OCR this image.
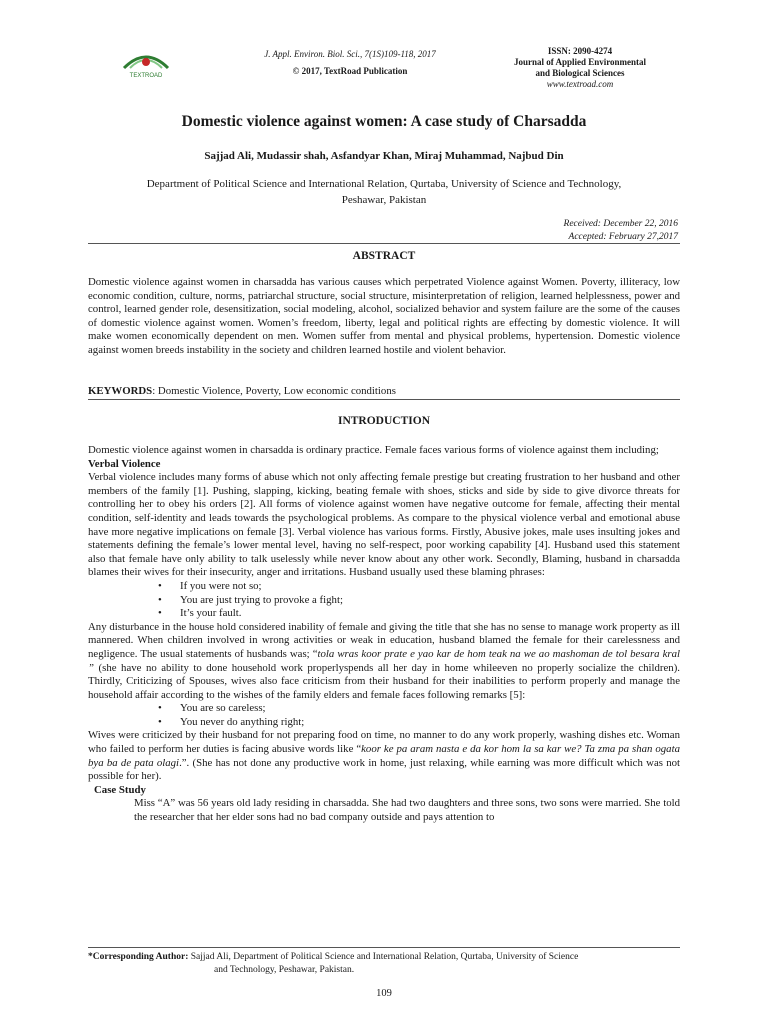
TEXTROAD
J. Appl. Environ. Biol. Sci., 7(1S)109-118, 2017
© 2017, TextRoad Publication
ISSN: 2090-4274
Journal of Applied Environmental
and Biological Sciences
www.textroad.com
Domestic violence against women: A case study of Charsadda
Sajjad Ali, Mudassir shah, Asfandyar Khan, Miraj Muhammad, Najbud Din
Department of Political Science and International Relation, Qurtaba, University of Science and Technology,
Peshawar, Pakistan
Received: December 22, 2016
Accepted: February 27,2017
ABSTRACT
Domestic violence against women in charsadda has various causes which perpetrated Violence against Women. Poverty, illiteracy, low economic condition, culture, norms, patriarchal structure, social structure, misinterpretation of religion, learned helplessness, power and control, learned gender role, desensitization, social modeling, alcohol, socialized behavior and system failure are the some of the causes of domestic violence against women. Women’s freedom, liberty, legal and political rights are effecting by domestic violence. It will make women economically dependent on men. Women suffer from mental and physical problems, hypertension. Domestic violence against women breeds instability in the society and children learned hostile and violent behavior.
KEYWORDS: Domestic Violence, Poverty, Low economic conditions
INTRODUCTION

Domestic violence against women in charsadda is ordinary practice. Female faces various forms of violence against them including;

Verbal Violence

Verbal violence includes many forms of abuse which not only affecting female prestige but creating frustration to her husband and other members of the family [1]. Pushing, slapping, kicking, beating female with shoes, sticks and side by side to give divorce threats for controlling her to obey his orders [2]. All forms of violence against women have negative outcome for female, affecting their mental condition, self-identity and leads towards the psychological problems. As compare to the physical violence verbal and emotional abuse have more negative implications on female [3]. Verbal violence has various forms. Firstly, Abusive jokes, male uses insulting jokes and statements defining the female’s lower mental level, having no self-respect, poor working capability [4]. Husband used this statement also that female have only ability to talk uselessly while never know about any other work. Secondly, Blaming, husband in charsadda blames their wives for their insecurity, anger and irritations. Husband usually used these blaming phrases:

• If you were not so;
• You are just trying to provoke a fight;
• It’s your fault.

Any disturbance in the house hold considered inability of female and giving the title that she has no sense to manage work property as ill mannered. When children involved in wrong activities or weak in education, husband blamed the female for their carelessness and negligence. The usual statements of husbands was; “tola wras koor prate e yao kar de hom teak na we ao mashoman de tol besara kral ” (she have no ability to done household work properlyspends all her day in home whileeven no properly socialize the children). Thirdly, Criticizing of Spouses, wives also face criticism from their husband for their inabilities to perform properly and manage the household affair according to the wishes of the family elders and female faces following remarks [5]:

• You are so careless;
• You never do anything right;

Wives were criticized by their husband for not preparing food on time, no manner to do any work properly, washing dishes etc. Woman who failed to perform her duties is facing abusive words like “koor ke pa aram nasta e da kor hom la sa kar we? Ta zma pa shan ogata bya ba de pata olagi.”. (She has not done any productive work in home, just relaxing, while earning was more difficult which was not possible for her).

Case Study

Miss “A” was 56 years old lady residing in charsadda. She had two daughters and three sons, two sons were married. She told the researcher that her elder sons had no bad company outside and pays attention to

*Corresponding Author: Sajjad Ali, Department of Political Science and International Relation, Qurtaba, University of Science
and Technology, Peshawar, Pakistan.
109
